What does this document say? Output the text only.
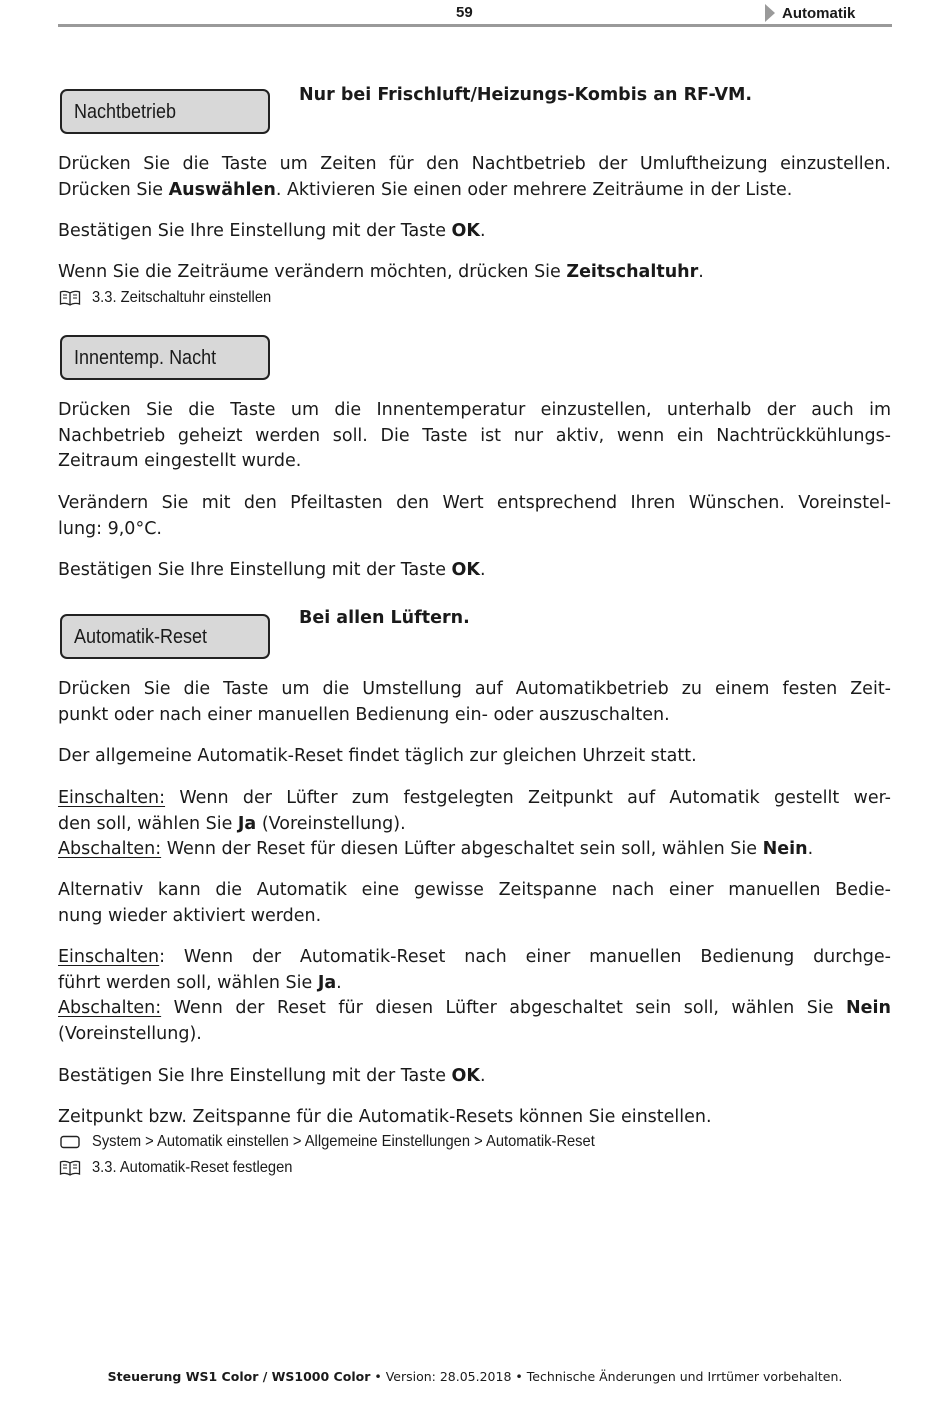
59	Automatik
Nachtbetrieb
Nur bei Frischluft/Heizungs-Kombis an RF-VM.
Drücken Sie die Taste um Zeiten für den Nachtbetrieb der Umluftheizung einzustellen.
Drücken Sie Auswählen. Aktivieren Sie einen oder mehrere Zeiträume in der Liste.
Bestätigen Sie Ihre Einstellung mit der Taste OK.
Wenn Sie die Zeiträume verändern möchten, drücken Sie Zeitschaltuhr.
3.3. Zeitschaltuhr einstellen
Innentemp. Nacht
Drücken Sie die Taste um die Innentemperatur einzustellen, unterhalb der auch im
Nachbetrieb geheizt werden soll. Die Taste ist nur aktiv, wenn ein Nachtrückkühlungs-
Zeitraum eingestellt wurde.
Verändern Sie mit den Pfeiltasten den Wert entsprechend Ihren Wünschen. Voreinstel-
lung: 9,0°C.
Bestätigen Sie Ihre Einstellung mit der Taste OK.
Automatik-Reset
Bei allen Lüftern.
Drücken Sie die Taste um die Umstellung auf Automatikbetrieb zu einem festen Zeit-
punkt oder nach einer manuellen Bedienung ein- oder auszuschalten.
Der allgemeine Automatik-Reset findet täglich zur gleichen Uhrzeit statt.
Einschalten: Wenn der Lüfter zum festgelegten Zeitpunkt auf Automatik gestellt wer-
den soll, wählen Sie Ja (Voreinstellung).
Abschalten: Wenn der Reset für diesen Lüfter abgeschaltet sein soll, wählen Sie Nein.
Alternativ kann die Automatik eine gewisse Zeitspanne nach einer manuellen Bedie-
nung wieder aktiviert werden.
Einschalten: Wenn der Automatik-Reset nach einer manuellen Bedienung durchge-
führt werden soll, wählen Sie Ja.
Abschalten: Wenn der Reset für diesen Lüfter abgeschaltet sein soll, wählen Sie Nein
(Voreinstellung).
Bestätigen Sie Ihre Einstellung mit der Taste OK.
Zeitpunkt bzw. Zeitspanne für die Automatik-Resets können Sie einstellen.
System > Automatik einstellen > Allgemeine Einstellungen > Automatik-Reset
3.3. Automatik-Reset festlegen
Steuerung WS1 Color / WS1000 Color • Version: 28.05.2018 • Technische Änderungen und Irrtümer vorbehalten.
